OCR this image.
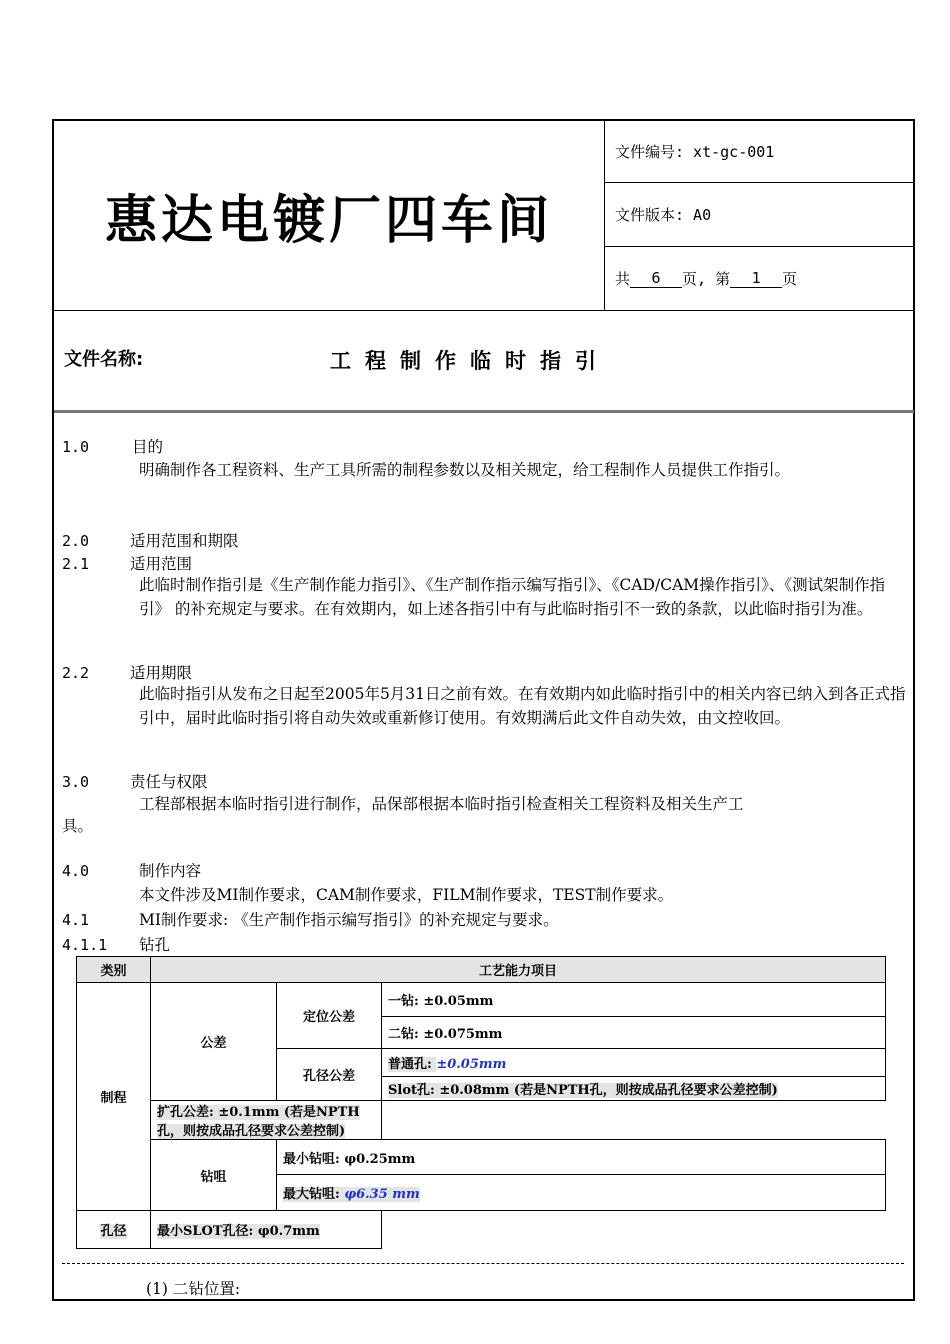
惠达电镀厂四车间
文件编号: xt-gc-001
文件版本: A0
共	6	页, 第	1	页
文件名称:	工程制作临时指引
1.0	目的
明确制作各工程资料、生产工具所需的制程参数以及相关规定，给工程制作人员提供工作指引。
2.0	适用范围和期限
2.1	适用范围
此临时制作指引是《生产制作能力指引》、《生产制作指示编写指引》、《CAD/CAM操作指引》、《测试架制作指引》 的补充规定与要求。在有效期内，如上述各指引中有与此临时指引不一致的条款，以此临时指引为准。
2.2	适用期限
此临时指引从发布之日起至2005年5月31日之前有效。在有效期内如此临时指引中的相关内容已纳入到各正式指引中，届时此临时指引将自动失效或重新修订使用。有效期满后此文件自动失效，由文控收回。
3.0	责任与权限
工程部根据本临时指引进行制作，品保部根据本临时指引检查相关工程资料及相关生产工
具。
4.0	制作内容
本文件涉及MI制作要求，CAM制作要求，FILM制作要求，TEST制作要求。
4.1	MI制作要求: 《生产制作指示编写指引》的补充规定与要求。
4.1.1 钻孔
类别	工艺能力项目		
制程	公差	定位公差	一钻: ±0.05mm
			二钻: ±0.075mm
		孔径公差	普通孔: ±0.05mm
			Slot孔: ±0.08mm (若是NPTH孔，则按成品孔径要求公差控制)
	扩孔公差: ±0.1mm (若是NPTH孔，则按成品孔径要求公差控制)		
	钻咀	最小钻咀: φ0.25mm	
		最大钻咀: φ6.35 mm	
孔径	最小SLOT孔径: φ0.7mm		
(1) 二钻位置:
